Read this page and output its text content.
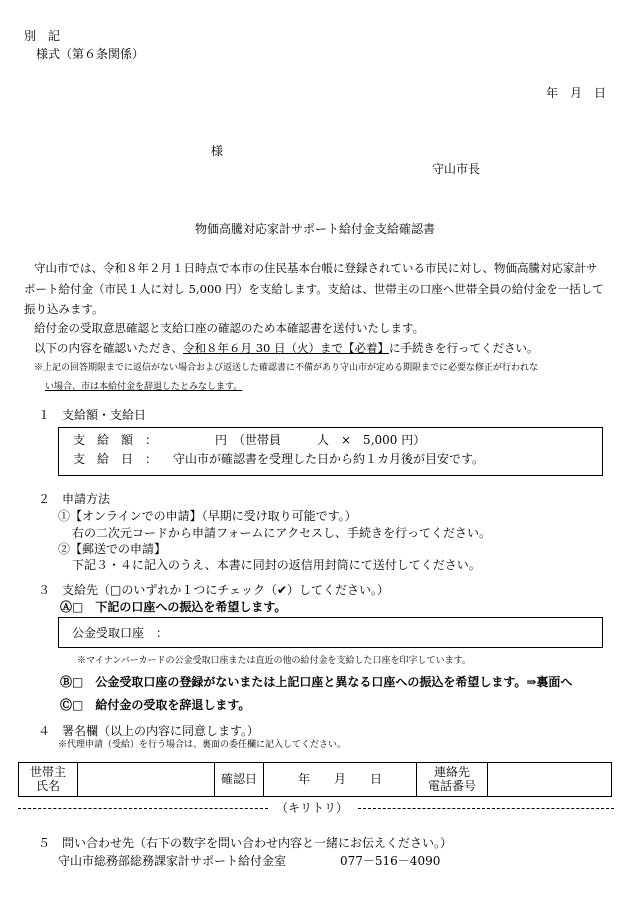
別　記
様式（第６条関係）
年　月　日
様
守山市長
物価高騰対応家計サポート給付金支給確認書
守山市では、令和８年２月１日時点で本市の住民基本台帳に登録されている市民に対し、物価高騰対応家計サ
ポート給付金（市民１人に対し 5,000 円）を支給します。支給は、世帯主の口座へ世帯全員の給付金を一括して
振り込みます。
給付金の受取意思確認と支給口座の確認のため本確認書を送付いたします。
以下の内容を確認いただき、令和８年６月 30 日（火）まで【必着】に手続きを行ってください。
※上記の回答期限までに返信がない場合および返送した確認書に不備があり守山市が定める期限までに必要な修正が行われな
い場合、市は本給付金を辞退したとみなします。
１　支給額・支給日
支　給　額　：	円　（世帯員　　　人　×　5,000 円）
支　給　日　： 守山市が確認書を受理した日から約１カ月後が目安です。
２　申請方法
①【オンラインでの申請】（早期に受け取り可能です。）
右の二次元コードから申請フォームにアクセスし、手続きを行ってください。
②【郵送での申請】
下記３・４に記入のうえ、本書に同封の返信用封筒にて送付してください。
３　支給先（□のいずれか１つにチェック（✔）してください。）
Ⓐ□　下記の口座への振込を希望します。
公金受取口座　：
※マイナンバーカードの公金受取口座または直近の他の給付金を支給した口座を印字しています。
Ⓑ□　公金受取口座の登録がないまたは上記口座と異なる口座への振込を希望します。⇒裏面へ
Ⓒ□　給付金の受取を辞退します。
４　署名欄（以上の内容に同意します。）
※代理申請（受給）を行う場合は、裏面の委任欄に記入してください。
世帯主
氏名		確認日	年　　月　　日	連絡先
電話番号	
（キリトリ）
５　問い合わせ先（右下の数字を問い合わせ内容と一緒にお伝えください。）
守山市総務部総務課家計サポート給付金室	077－516－4090
